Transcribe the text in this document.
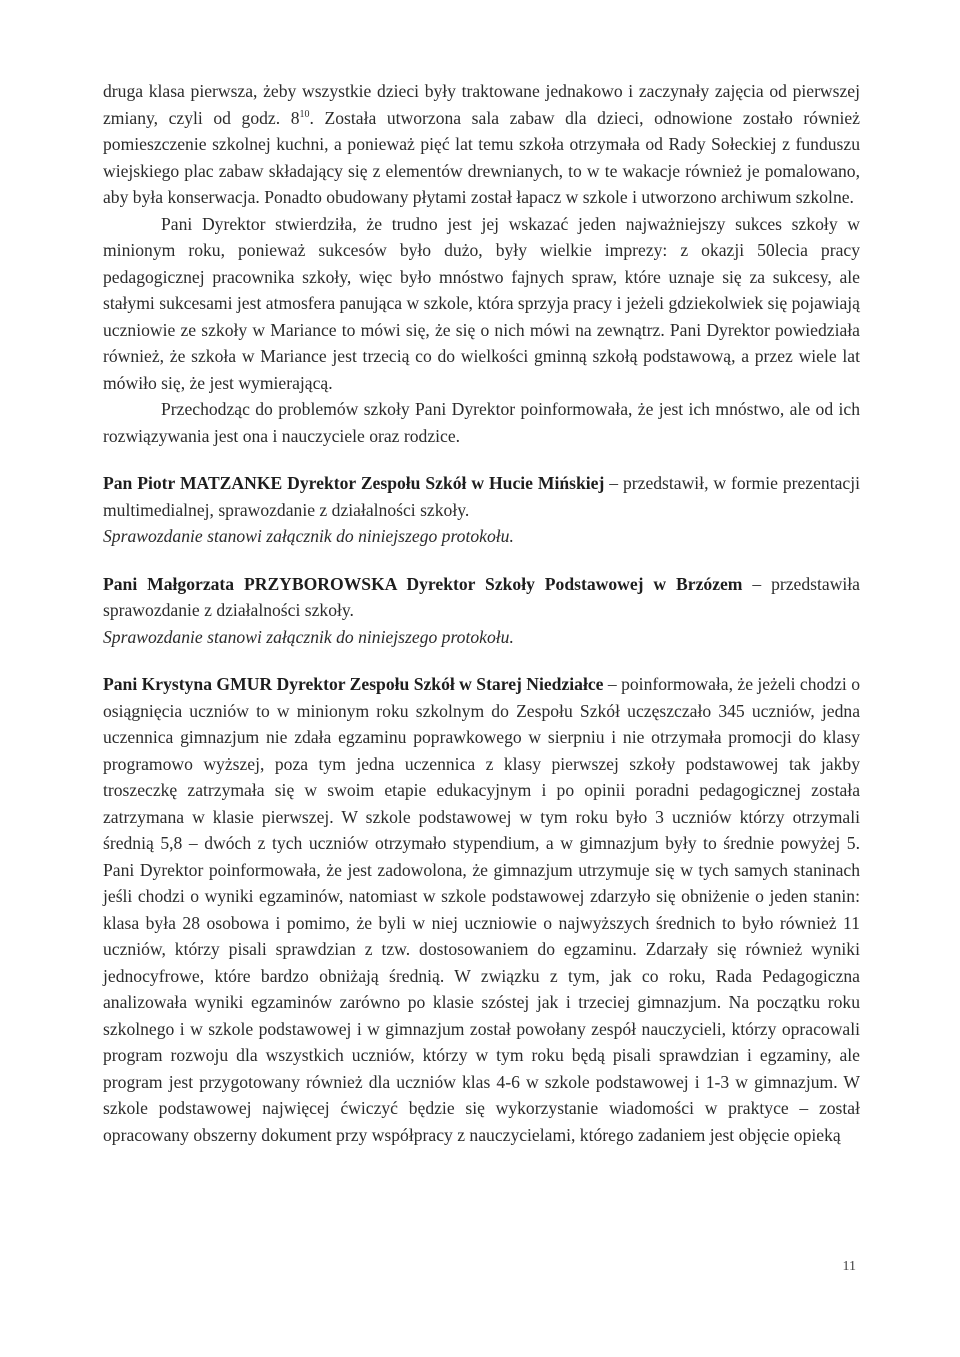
druga klasa pierwsza, żeby wszystkie dzieci były traktowane jednakowo i zaczynały zajęcia od pierwszej zmiany, czyli od godz. $8^{10}$. Została utworzona sala zabaw dla dzieci, odnowione zostało również pomieszczenie szkolnej kuchni, a ponieważ pięć lat temu szkoła otrzymała od Rady Sołeckiej z funduszu wiejskiego plac zabaw składający się z elementów drewnianych, to w te wakacje również je pomalowano, aby była konserwacja. Ponadto obudowany płytami został łapacz w szkole i utworzono archiwum szkolne.

Pani Dyrektor stwierdziła, że trudno jest jej wskazać jeden najważniejszy sukces szkoły w minionym roku, ponieważ sukcesów było dużo, były wielkie imprezy: z okazji 50lecia pracy pedagogicznej pracownika szkoły, więc było mnóstwo fajnych spraw, które uznaje się za sukcesy, ale stałymi sukcesami jest atmosfera panująca w szkole, która sprzyja pracy i jeżeli gdziekolwiek się pojawiają uczniowie ze szkoły w Mariance to mówi się, że się o nich mówi na zewnątrz. Pani Dyrektor powiedziała również, że szkoła w Mariance jest trzecią co do wielkości gminną szkołą podstawową, a przez wiele lat mówiło się, że jest wymierającą.

Przechodząc do problemów szkoły Pani Dyrektor poinformowała, że jest ich mnóstwo, ale od ich rozwiązywania jest ona i nauczyciele oraz rodzice.

Pan Piotr MATZANKE Dyrektor Zespołu Szkół w Hucie Mińskiej – przedstawił, w formie prezentacji multimedialnej, sprawozdanie z działalności szkoły.

Sprawozdanie stanowi załącznik do niniejszego protokołu.

Pani Małgorzata PRZYBOROWSKA Dyrektor Szkoły Podstawowej w Brzózem – przedstawiła sprawozdanie z działalności szkoły.

Sprawozdanie stanowi załącznik do niniejszego protokołu.

Pani Krystyna GMUR Dyrektor Zespołu Szkół w Starej Niedziałce – poinformowała, że jeżeli chodzi o osiągnięcia uczniów to w minionym roku szkolnym do Zespołu Szkół uczęszczało 345 uczniów, jedna uczennica gimnazjum nie zdała egzaminu poprawkowego w sierpniu i nie otrzymała promocji do klasy programowo wyższej, poza tym jedna uczennica z klasy pierwszej szkoły podstawowej tak jakby troszeczkę zatrzymała się w swoim etapie edukacyjnym i po opinii poradni pedagogicznej została zatrzymana w klasie pierwszej. W szkole podstawowej w tym roku było 3 uczniów którzy otrzymali średnią 5,8 – dwóch z tych uczniów otrzymało stypendium, a w gimnazjum były to średnie powyżej 5. Pani Dyrektor poinformowała, że jest zadowolona, że gimnazjum utrzymuje się w tych samych staninach jeśli chodzi o wyniki egzaminów, natomiast w szkole podstawowej zdarzyło się obniżenie o jeden stanin: klasa była 28 osobowa i pomimo, że byli w niej uczniowie o najwyższych średnich to było również 11 uczniów, którzy pisali sprawdzian z tzw. dostosowaniem do egzaminu. Zdarzały się również wyniki jednocyfrowe, które bardzo obniżają średnią. W związku z tym, jak co roku, Rada Pedagogiczna analizowała wyniki egzaminów zarówno po klasie szóstej jak i trzeciej gimnazjum. Na początku roku szkolnego i w szkole podstawowej i w gimnazjum został powołany zespół nauczycieli, którzy opracowali program rozwoju dla wszystkich uczniów, którzy w tym roku będą pisali sprawdzian i egzaminy, ale program jest przygotowany również dla uczniów klas 4-6 w szkole podstawowej i 1-3 w gimnazjum. W szkole podstawowej najwięcej ćwiczyć będzie się wykorzystanie wiadomości w praktyce – został opracowany obszerny dokument przy współpracy z nauczycielami, którego zadaniem jest objęcie opieką

11
